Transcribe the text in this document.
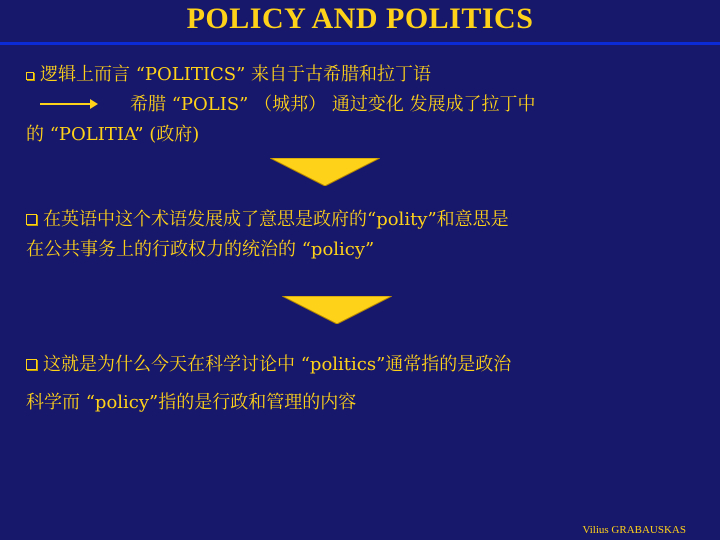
POLICY AND POLITICS
逻辑上而言 “POLITICS” 来自于古希腊和拉丁语
希腊 “POLIS” （城邦） 通过变化 发展成了拉丁中
的 “POLITIA” (政府)
在英语中这个术语发展成了意思是政府的“polity”和意思是
在公共事务上的行政权力的统治的 “policy”
这就是为什么今天在科学讨论中 “politics”通常指的是政治
科学而 “policy”指的是行政和管理的内容
Vilius GRABAUSKAS
